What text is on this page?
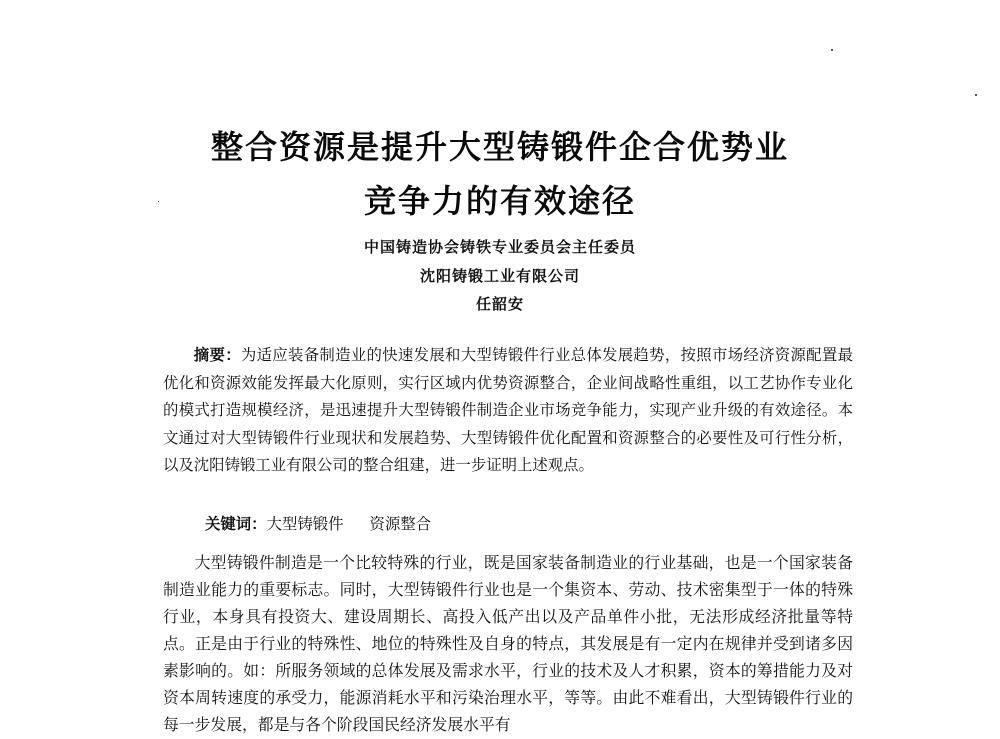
整合资源是提升大型铸锻件企合优势业
竞争力的有效途径
中国铸造协会铸铁专业委员会主任委员
沈阳铸锻工业有限公司
任韶安

摘要：为适应装备制造业的快速发展和大型铸锻件行业总体发展趋势，按照市场经济资源配置最优化和资源效能发挥最大化原则，实行区域内优势资源整合，企业间战略性重组，以工艺协作专业化的模式打造规模经济，是迅速提升大型铸锻件制造企业市场竞争能力，实现产业升级的有效途径。本文通过对大型铸锻件行业现状和发展趋势、大型铸锻件优化配置和资源整合的必要性及可行性分析，以及沈阳铸锻工业有限公司的整合组建，进一步证明上述观点。

关键词：大型铸锻件 资源整合

大型铸锻件制造是一个比较特殊的行业，既是国家装备制造业的行业基础，也是一个国家装备制造业能力的重要标志。同时，大型铸锻件行业也是一个集资本、劳动、技术密集型于一体的特殊行业，本身具有投资大、建设周期长、高投入低产出以及产品单件小批，无法形成经济批量等特点。正是由于行业的特殊性、地位的特殊性及自身的特点，其发展是有一定内在规律并受到诸多因素影响的。如：所服务领域的总体发展及需求水平，行业的技术及人才积累，资本的筹措能力及对资本周转速度的承受力，能源消耗水平和污染治理水平，等等。由此不难看出，大型铸锻件行业的每一步发展，都是与各个阶段国民经济发展水平有
